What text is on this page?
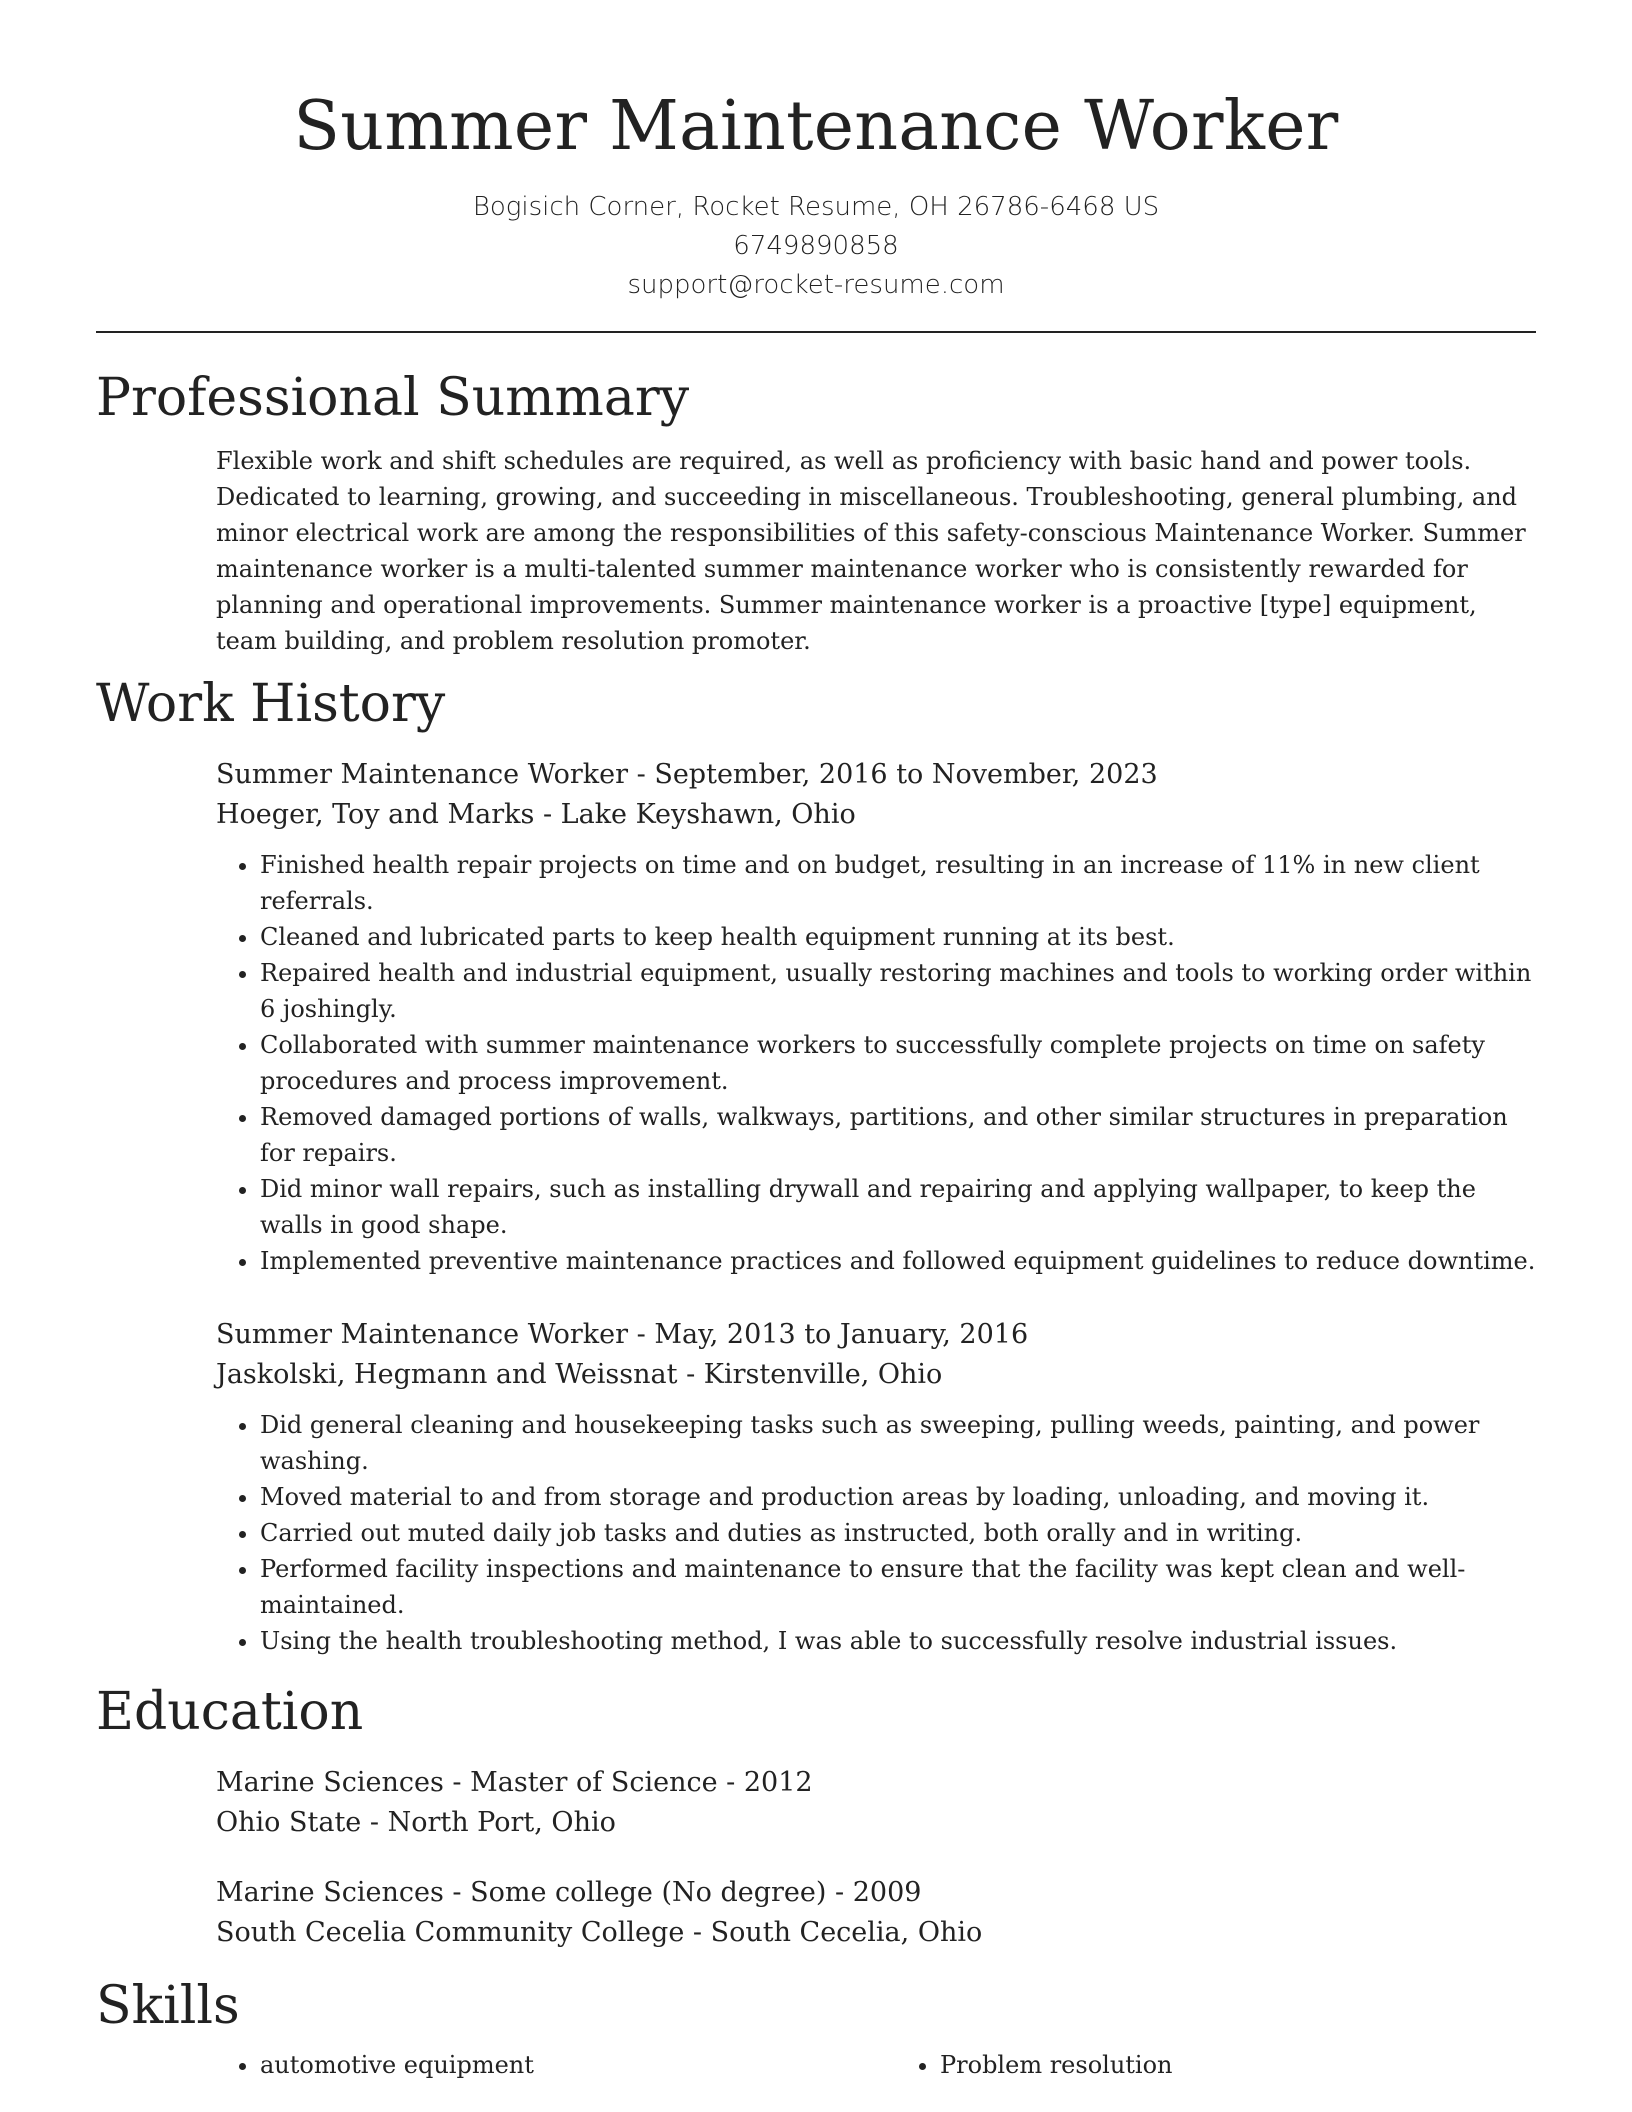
Summer Maintenance Worker
Bogisich Corner, Rocket Resume, OH 26786-6468 US
6749890858
support@rocket-resume.com
Professional Summary

Flexible work and shift schedules are required, as well as proficiency with basic hand and power tools. Dedicated to learning, growing, and succeeding in miscellaneous. Troubleshooting, general plumbing, and minor electrical work are among the responsibilities of this safety-conscious Maintenance Worker. Summer maintenance worker is a multi-talented summer maintenance worker who is consistently rewarded for planning and operational improvements. Summer maintenance worker is a proactive [type] equipment, team building, and problem resolution promoter.

Work History
Summer Maintenance Worker - September, 2016 to November, 2023
Hoeger, Toy and Marks - Lake Keyshawn, Ohio
• Finished health repair projects on time and on budget, resulting in an increase of 11% in new client referrals.
• Cleaned and lubricated parts to keep health equipment running at its best.
• Repaired health and industrial equipment, usually restoring machines and tools to working order within 6 joshingly.
• Collaborated with summer maintenance workers to successfully complete projects on time on safety procedures and process improvement.
• Removed damaged portions of walls, walkways, partitions, and other similar structures in preparation for repairs.
• Did minor wall repairs, such as installing drywall and repairing and applying wallpaper, to keep the walls in good shape.
• Implemented preventive maintenance practices and followed equipment guidelines to reduce downtime.
Summer Maintenance Worker - May, 2013 to January, 2016
Jaskolski, Hegmann and Weissnat - Kirstenville, Ohio
• Did general cleaning and housekeeping tasks such as sweeping, pulling weeds, painting, and power washing.
• Moved material to and from storage and production areas by loading, unloading, and moving it.
• Carried out muted daily job tasks and duties as instructed, both orally and in writing.
• Performed facility inspections and maintenance to ensure that the facility was kept clean and well-maintained.
• Using the health troubleshooting method, I was able to successfully resolve industrial issues.
Education
Marine Sciences - Master of Science - 2012
Ohio State - North Port, Ohio
Marine Sciences - Some college (No degree) - 2009
South Cecelia Community College - South Cecelia, Ohio
Skills
• automotive equipment
•	Problem resolution
